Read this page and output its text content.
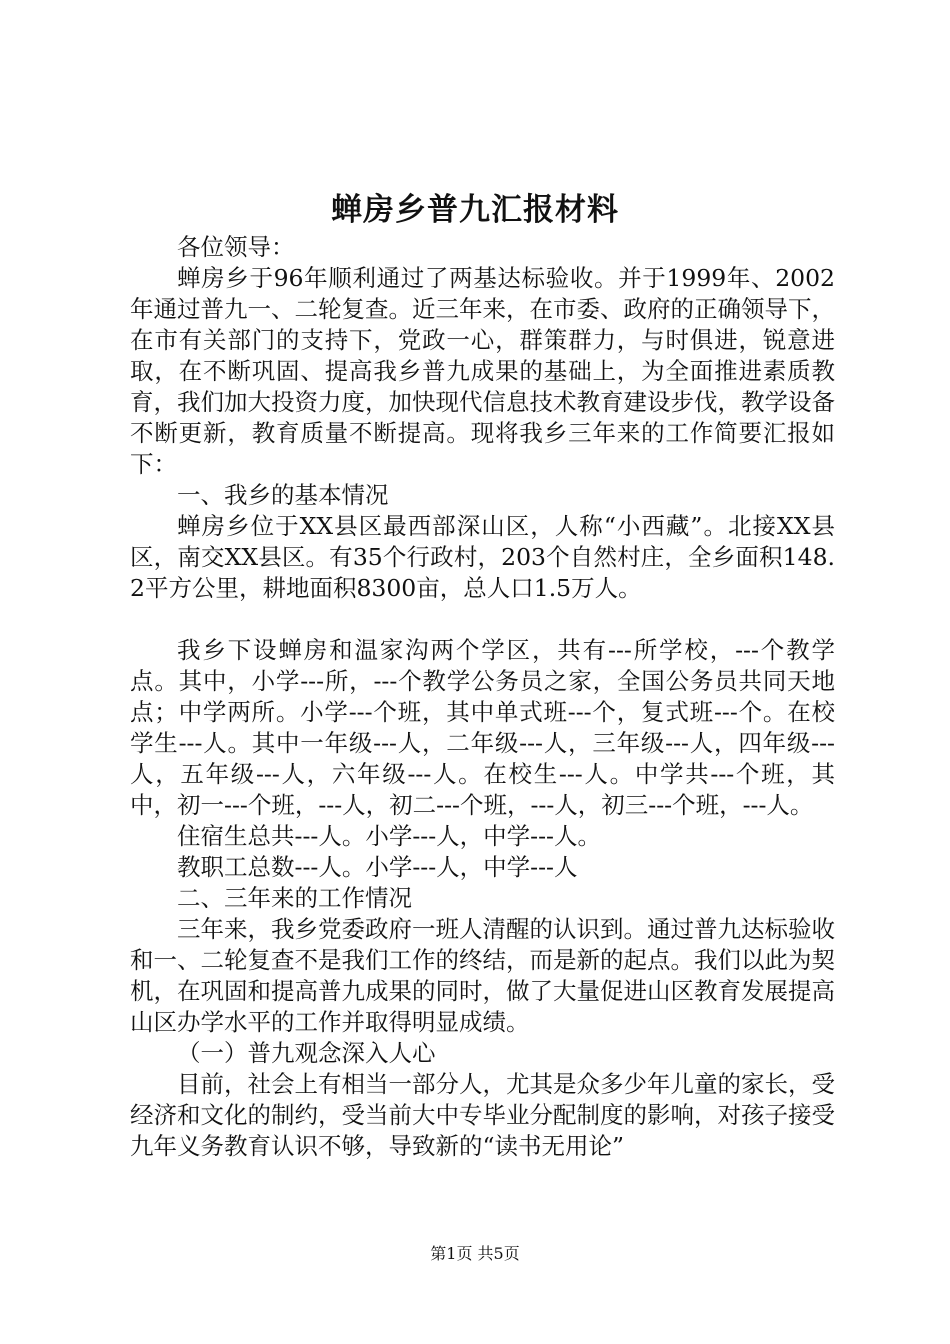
蝉房乡普九汇报材料

各位领导：

蝉房乡于96年顺利通过了两基达标验收。并于1999年、2002年通过普九一、二轮复查。近三年来，在市委、政府的正确领导下，在市有关部门的支持下，党政一心，群策群力，与时俱进，锐意进取，在不断巩固、提高我乡普九成果的基础上，为全面推进素质教育，我们加大投资力度，加快现代信息技术教育建设步伐，教学设备不断更新，教育质量不断提高。现将我乡三年来的工作简要汇报如下：

一、我乡的基本情况

蝉房乡位于XX县区最西部深山区，人称“小西藏”。北接XX县区，南交XX县区。有35个行政村，203个自然村庄，全乡面积148.2平方公里，耕地面积8300亩，总人口1.5万人。

我乡下设蝉房和温家沟两个学区，共有---所学校，---个教学点。其中，小学---所，---个教学公务员之家，全国公务员共同天地点；中学两所。小学---个班，其中单式班---个，复式班---个。在校学生---人。其中一年级---人，二年级---人，三年级---人，四年级---人，五年级---人，六年级---人。在校生---人。中学共---个班，其中，初一---个班，---人，初二---个班，---人，初三---个班，---人。

住宿生总共---人。小学---人，中学---人。

教职工总数---人。小学---人，中学---人

二、三年来的工作情况

三年来，我乡党委政府一班人清醒的认识到。通过普九达标验收和一、二轮复查不是我们工作的终结，而是新的起点。我们以此为契机，在巩固和提高普九成果的同时，做了大量促进山区教育发展提高山区办学水平的工作并取得明显成绩。

（一）普九观念深入人心

目前，社会上有相当一部分人，尤其是众多少年儿童的家长，受经济和文化的制约，受当前大中专毕业分配制度的影响，对孩子接受九年义务教育认识不够，导致新的“读书无用论”

第1页 共5页
